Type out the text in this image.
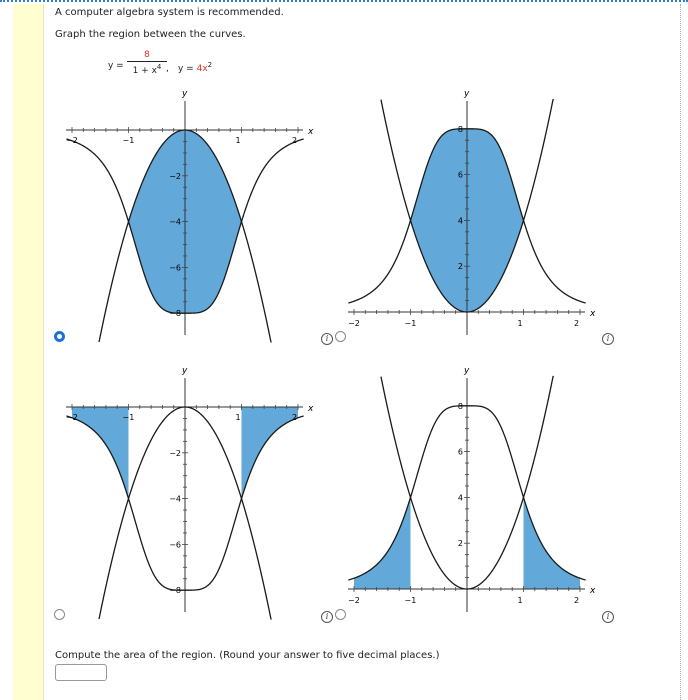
A computer algebra system is recommended.
Graph the region between the curves.
$y = \frac{8}{1 + x^4}$ , $y = 4x^2$
x
y
−2	−1	1	2
−2
−4
−6
−8	x
y
−2	−1	1	2
2
4
6
8
x
y
−2	−1	1	2
−2
−4
−6
−8	x
y
−2	−1	1	2
2
4
6
8
i	i
i	i
Compute the area of the region. (Round your answer to five decimal places.)
